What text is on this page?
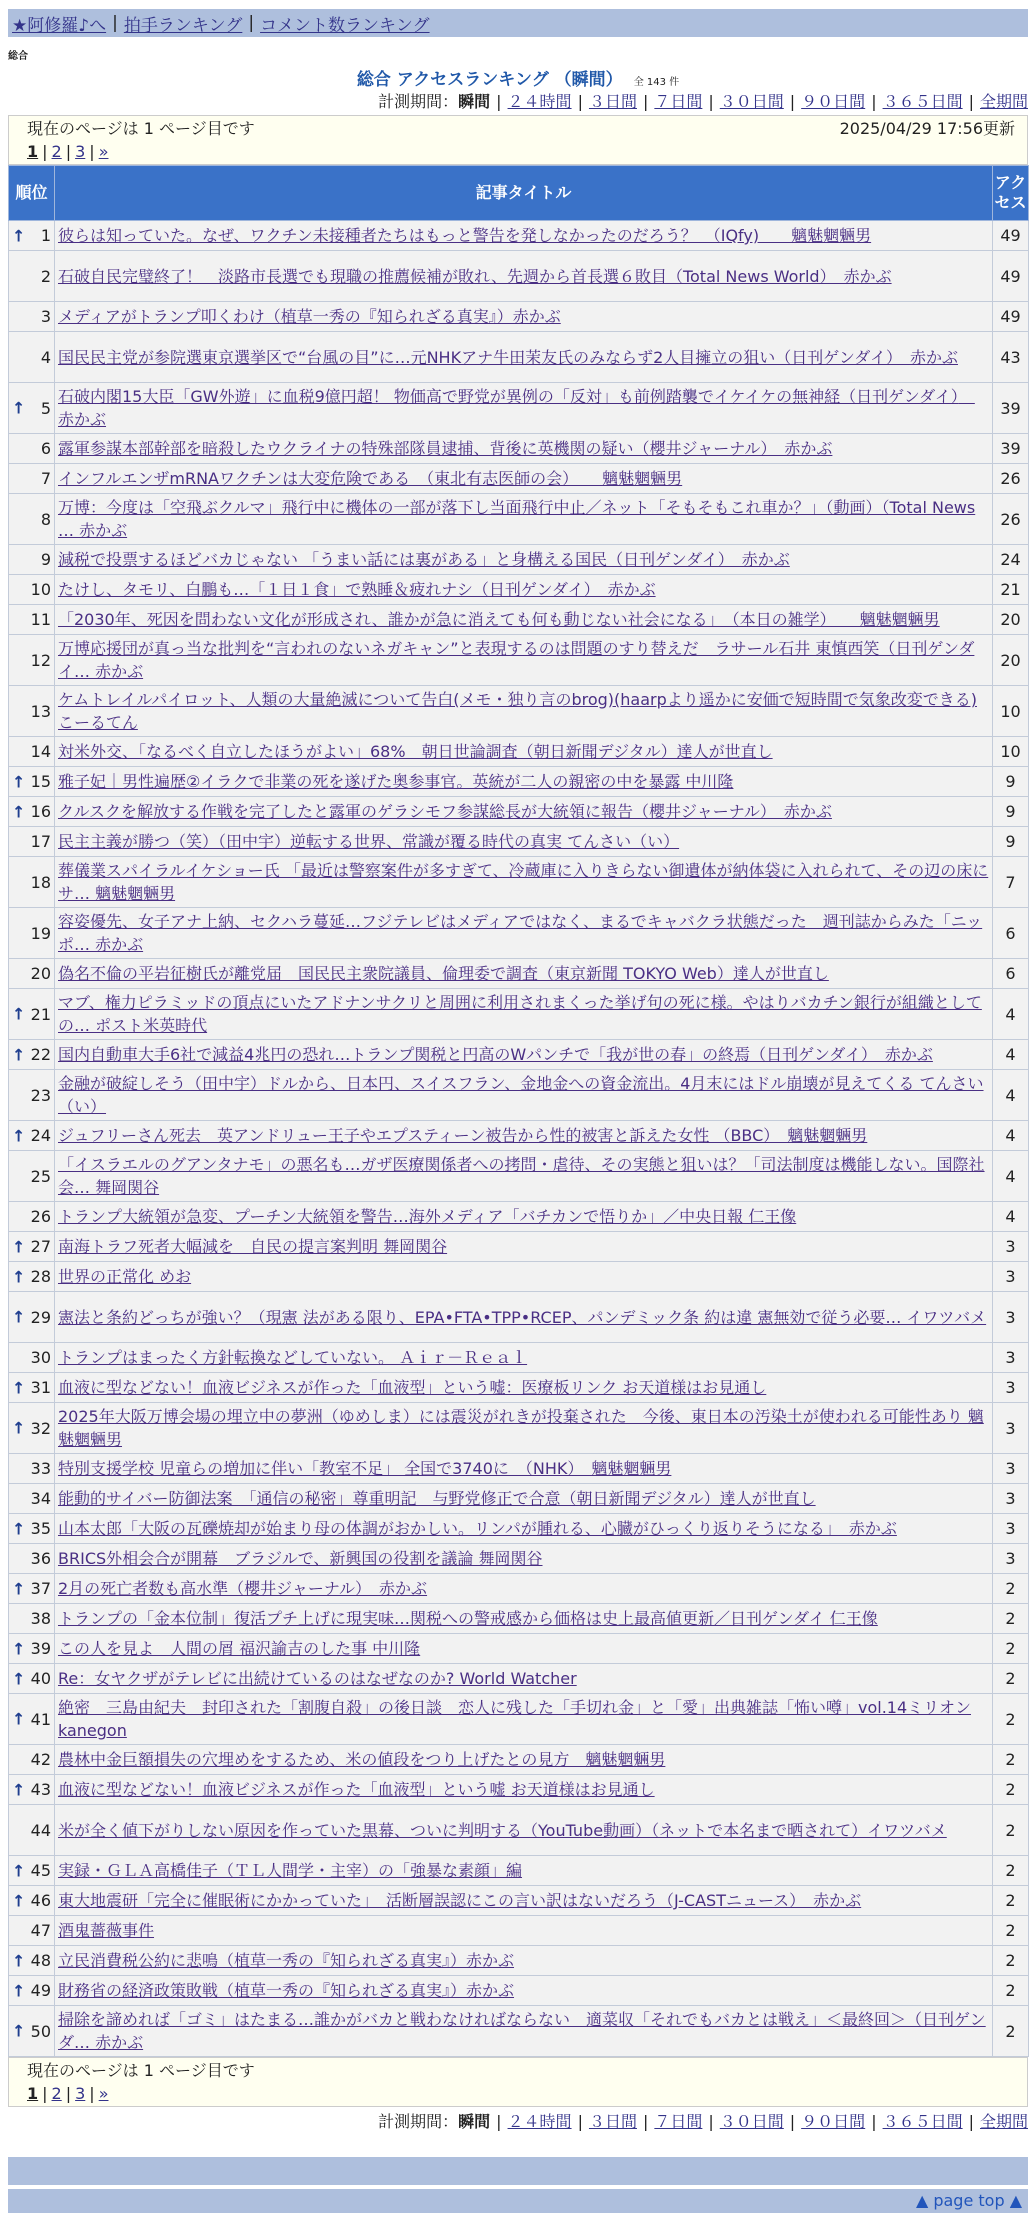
★阿修羅♪へ | 拍手ランキング | コメント数ランキング
総合
総合 アクセスランキング （瞬間） 全 143 件
計測期間：瞬間 | ２４時間 | ３日間 | ７日間 | ３０日間 | ９０日間 | ３６５日間 | 全期間
現在のページは 1 ページ目です	2025/04/29 17:56更新
1 | 2 | 3 | »
順位	記事タイトル	アクセス

↑ 1	彼らは知っていた。なぜ、ワクチン未接種者たちはもっと警告を発しなかったのだろう？　（IQfy)　　魑魅魍魎男	49
2	石破自民完璧終了！　淡路市長選でも現職の推薦候補が敗れ、先週から首長選６敗目（Total News World）　赤かぶ	49
3	メディアがトランプ叩くわけ（植草一秀の『知られざる真実』）赤かぶ	49
4	国民民主党が参院選東京選挙区で“台風の目”に…元NHKアナ牛田茉友氏のみならず2人目擁立の狙い（日刊ゲンダイ）　赤かぶ	43

↑ 5	石破内閣15大臣「GW外遊」に血税9億円超！ 物価高で野党が異例の「反対」も前例踏襲でイケイケの無神経（日刊ゲンダイ）　赤かぶ	39
6	露軍参謀本部幹部を暗殺したウクライナの特殊部隊員逮捕、背後に英機関の疑い（櫻井ジャーナル）　赤かぶ	39
7	インフルエンザmRNAワクチンは大変危険である　（東北有志医師の会）　　魑魅魍魎男	26
8	万博：今度は「空飛ぶクルマ」飛行中に機体の一部が落下し当面飛行中止／ネット「そもそもこれ車か？」（動画）（Total News … 赤かぶ	26
9	減税で投票するほどバカじゃない 「うまい話には裏がある」と身構える国民（日刊ゲンダイ）　赤かぶ	24
10	たけし、タモリ、白鵬も…「１日１食」で熟睡＆疲れナシ（日刊ゲンダイ）　赤かぶ	21
11	「2030年、死因を問わない文化が形成され、誰かが急に消えても何も動じない社会になる」　（本日の雑学）　　魑魅魍魎男	20
12	万博応援団が真っ当な批判を“言われのないネガキャン”と表現するのは問題のすり替えだ　ラサール石井 東慎西笑（日刊ゲンダイ… 赤かぶ	20
13	ケムトレイルパイロット、人類の大量絶滅について告白(メモ・独り言のbrog)(haarpより遥かに安価で短時間で気象改変できる) こーるてん	10
14	対米外交、「なるべく自立したほうがよい」68%　朝日世論調査（朝日新聞デジタル）達人が世直し	10

↑ 15	雅子妃｜男性遍歴②イラクで非業の死を遂げた奥参事官。英統が二人の親密の中を暴露 中川隆	9

↑ 16	クルスクを解放する作戦を完了したと露軍のゲラシモフ参謀総長が大統領に報告（櫻井ジャーナル）　赤かぶ	9
17	民主主義が勝つ（笑）（田中宇）逆転する世界、常識が覆る時代の真実 てんさい（い）	9
18	葬儀業スパイラルイケショー氏 「最近は警察案件が多すぎて、冷蔵庫に入りきらない御遺体が納体袋に入れられて、その辺の床にサ… 魑魅魍魎男	7
19	容姿優先、女子アナ上納、セクハラ蔓延…フジテレビはメディアではなく、まるでキャバクラ状態だった　週刊誌からみた「ニッポ… 赤かぶ	6
20	偽名不倫の平岩征樹氏が離党届　国民民主衆院議員、倫理委で調査（東京新聞 TOKYO Web）達人が世直し	6

↑ 21	マブ、権力ピラミッドの頂点にいたアドナンサクリと周囲に利用されまくった挙げ句の死に様。やはりバカチン銀行が組織としての… ポスト米英時代	4

↑ 22	国内自動車大手6社で減益4兆円の恐れ…トランプ関税と円高のWパンチで「我が世の春」の終焉（日刊ゲンダイ）　赤かぶ	4
23	金融が破綻しそう（田中宇）ドルから、日本円、スイスフラン、金地金への資金流出。4月末にはドル崩壊が見えてくる てんさい（い）	4

↑ 24	ジュフリーさん死去　英アンドリュー王子やエプスティーン被告から性的被害と訴えた女性 （BBC）　魑魅魍魎男	4
25	「イスラエルのグアンタナモ」の悪名も…ガザ医療関係者への拷問・虐待、その実態と狙いは？「司法制度は機能しない。国際社会… 舞岡関谷	4
26	トランプ大統領が急変、プーチン大統領を警告…海外メディア「バチカンで悟りか」／中央日報 仁王像	4

↑ 27	南海トラフ死者大幅減を　自民の提言案判明 舞岡関谷	3

↑ 28	世界の正常化 めお	3

↑ 29	憲法と条約どっちが強い？（現憲 法がある限り、EPA•FTA•TPP•RCEP、パンデミック条 約は違 憲無効で従う必要… イワツバメ	3
30	トランプはまったく方針転換などしていない。 Ａｉｒ－Ｒｅａｌ	3

↑ 31	血液に型などない！血液ビジネスが作った「血液型」という嘘：医療板リンク お天道様はお見通し	3

↑ 32	2025年大阪万博会場の埋立中の夢洲（ゆめしま）には震災がれきが投棄された　今後、東日本の汚染土が使われる可能性あり 魑魅魍魎男	3
33	特別支援学校 児童らの増加に伴い「教室不足」 全国で3740に　（NHK）　魑魅魍魎男	3
34	能動的サイバー防御法案　「通信の秘密」尊重明記　与野党修正で合意（朝日新聞デジタル）達人が世直し	3

↑ 35	山本太郎「大阪の瓦礫焼却が始まり母の体調がおかしい。リンパが腫れる、心臓がひっくり返りそうになる」　赤かぶ	3
36	BRICS外相会合が開幕　ブラジルで、新興国の役割を議論 舞岡関谷	3

↑ 37	2月の死亡者数も高水準（櫻井ジャーナル）　赤かぶ	2
38	トランプの「金本位制」復活プチ上げに現実味…関税への警戒感から価格は史上最高値更新／日刊ゲンダイ 仁王像	2

↑ 39	この人を見よ　人間の屑 福沢諭吉のした事 中川隆	2

↑ 40	Re：女ヤクザがテレビに出続けているのはなぜなのか? World Watcher	2

↑ 41	絶密　三島由紀夫　封印された「割腹自殺」の後日談　恋人に残した「手切れ金」と「愛」出典雑誌「怖い噂」vol.14ミリオン kanegon	2
42	農林中金巨額損失の穴埋めをするため、米の値段をつり上げたとの見方　魑魅魍魎男	2

↑ 43	血液に型などない！血液ビジネスが作った「血液型」という嘘 お天道様はお見通し	2
44	米が全く値下がりしない原因を作っていた黒幕、ついに判明する（YouTube動画）（ネットで本名まで晒されて）イワツバメ	2

↑ 45	実録・ＧＬＡ高橋佳子（ＴＬ人間学・主宰）の「強暴な素顔」編	2

↑ 46	東大地震研「完全に催眠術にかかっていた」　活断層誤認にこの言い訳はないだろう（J-CASTニュース）　赤かぶ	2
47	酒鬼薔薇事件	2

↑ 48	立民消費税公約に悲鳴（植草一秀の『知られざる真実』）赤かぶ	2

↑ 49	財務省の経済政策敗戦（植草一秀の『知られざる真実』）赤かぶ	2

↑ 50	掃除を諦めれば「ゴミ」はたまる…誰かがバカと戦わなければならない　適菜収「それでもバカとは戦え」＜最終回＞（日刊ゲンダ… 赤かぶ	2
現在のページは 1 ページ目です
1 | 2 | 3 | »
計測期間：瞬間 | ２４時間 | ３日間 | ７日間 | ３０日間 | ９０日間 | ３６５日間 | 全期間
▲ page top ▲
